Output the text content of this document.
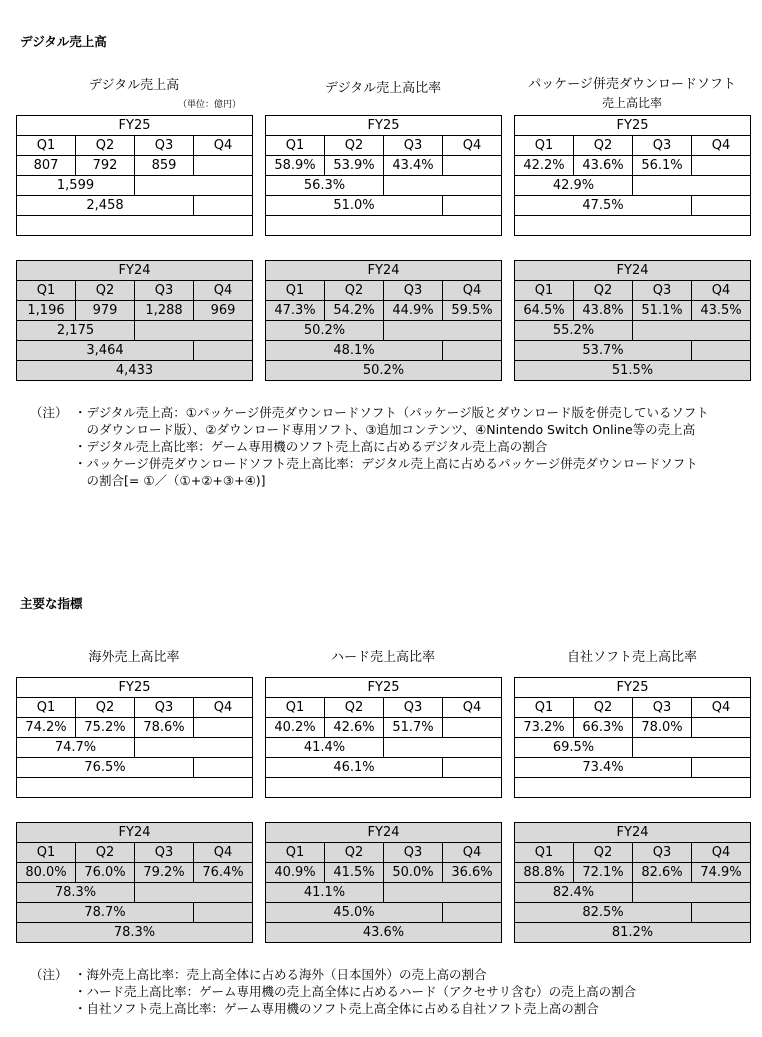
デジタル売上高
デジタル売上高
（単位：億円）
デジタル売上高比率	パッケージ併売ダウンロードソフト
売上高比率
（注） ・デジタル売上高：①パッケージ併売ダウンロードソフト（パッケージ版とダウンロード版を併売しているソフト
　のダウンロード版）、②ダウンロード専用ソフト、③追加コンテンツ、④Nintendo Switch Online等の売上高
・デジタル売上高比率：ゲーム専用機のソフト売上高に占めるデジタル売上高の割合
・パッケージ併売ダウンロードソフト売上高比率：デジタル売上高に占めるパッケージ併売ダウンロードソフト
　の割合[= ①／（①+②+③+④)]
主要な指標
海外売上高比率	ハード売上高比率	自社ソフト売上高比率
（注） ・海外売上高比率：売上高全体に占める海外（日本国外）の売上高の割合
・ハード売上高比率：ゲーム専用機の売上高全体に占めるハード（アクセサリ含む）の売上高の割合
・自社ソフト売上高比率：ゲーム専用機のソフト売上高全体に占める自社ソフト売上高の割合
FY25
Q1	Q2	Q3	Q4
807	792	859	
1,599		
2,458	

FY24
Q1	Q2	Q3	Q4
1,196	979	1,288	969
2,175		
3,464	
4,433
FY25
Q1	Q2	Q3	Q4
74.2%	75.2%	78.6%	
74.7%		
76.5%	

FY24
Q1	Q2	Q3	Q4
80.0%	76.0%	79.2%	76.4%
78.3%		
78.7%	
78.3%
FY25
Q1	Q2	Q3	Q4
58.9%	53.9%	43.4%	
56.3%		
51.0%	

FY24
Q1	Q2	Q3	Q4
47.3%	54.2%	44.9%	59.5%
50.2%		
48.1%	
50.2%
FY25
Q1	Q2	Q3	Q4
40.2%	42.6%	51.7%	
41.4%		
46.1%	

FY24
Q1	Q2	Q3	Q4
40.9%	41.5%	50.0%	36.6%
41.1%		
45.0%	
43.6%
FY25
Q1	Q2	Q3	Q4
42.2%	43.6%	56.1%	
42.9%		
47.5%	

FY24
Q1	Q2	Q3	Q4
64.5%	43.8%	51.1%	43.5%
55.2%		
53.7%	
51.5%
FY25
Q1	Q2	Q3	Q4
73.2%	66.3%	78.0%	
69.5%		
73.4%	

FY24
Q1	Q2	Q3	Q4
88.8%	72.1%	82.6%	74.9%
82.4%		
82.5%	
81.2%
